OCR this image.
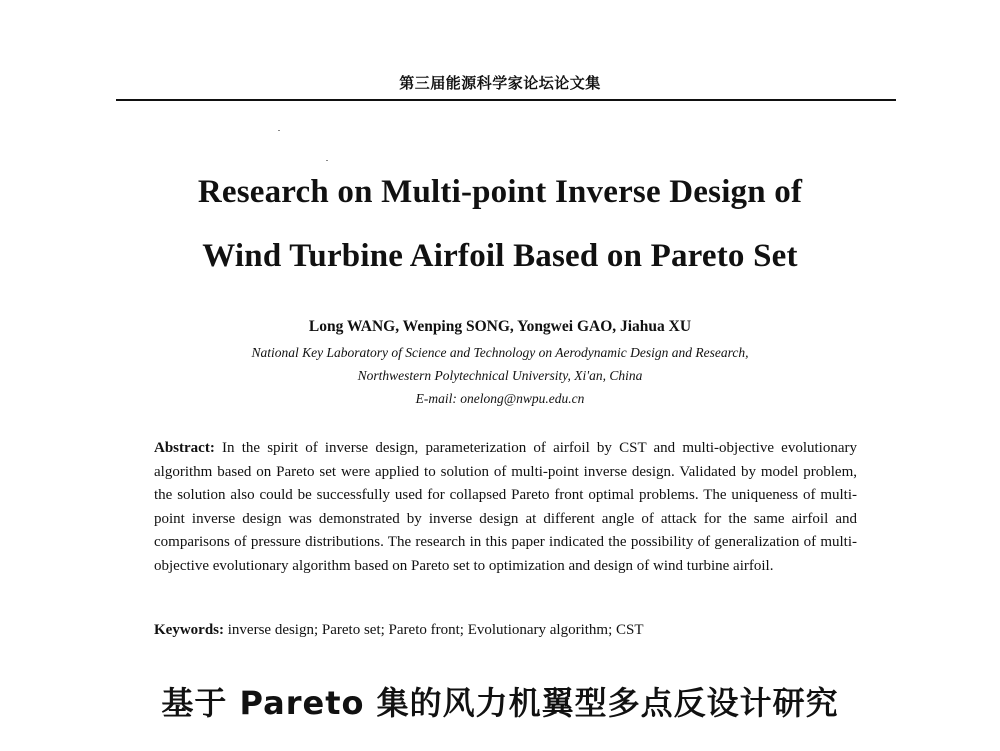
第三届能源科学家论坛论文集
Research on Multi-point Inverse Design of
Wind Turbine Airfoil Based on Pareto Set
Long WANG, Wenping SONG, Yongwei GAO, Jiahua XU
National Key Laboratory of Science and Technology on Aerodynamic Design and Research,
Northwestern Polytechnical University, Xi'an, China
E-mail: onelong@nwpu.edu.cn
Abstract: In the spirit of inverse design, parameterization of airfoil by CST and multi-objective evolutionary algorithm based on Pareto set were applied to solution of multi-point inverse design. Validated by model problem, the solution also could be successfully used for collapsed Pareto front optimal problems. The uniqueness of multi-point inverse design was demonstrated by inverse design at different angle of attack for the same airfoil and comparisons of pressure distributions. The research in this paper indicated the possibility of generalization of multi-objective evolutionary algorithm based on Pareto set to optimization and design of wind turbine airfoil.
Keywords: inverse design; Pareto set; Pareto front; Evolutionary algorithm; CST
基于 Pareto 集的风力机翼型多点反设计研究
